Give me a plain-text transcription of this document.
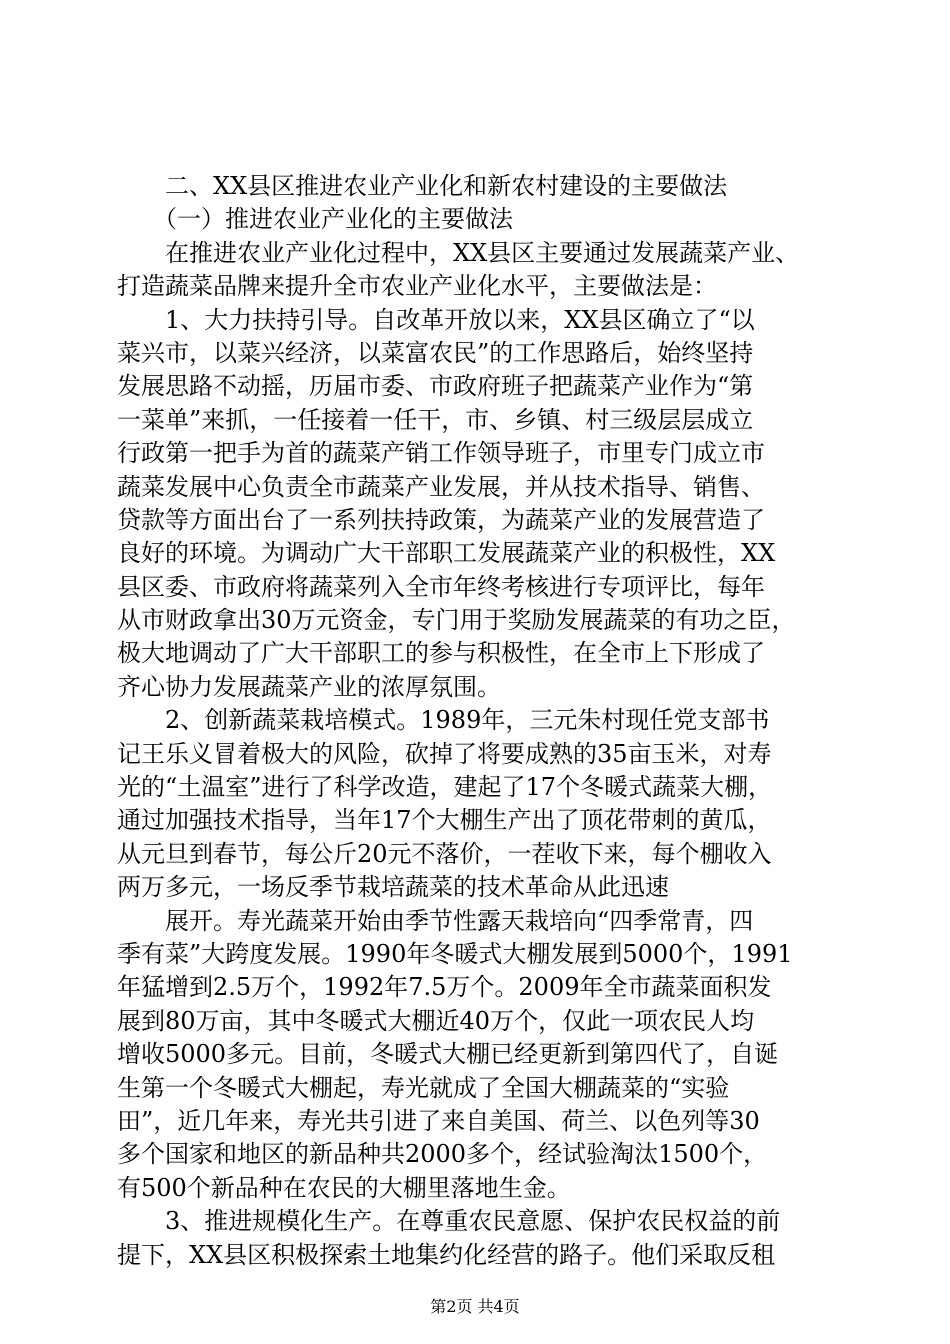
　　二、XX县区推进农业产业化和新农村建设的主要做法
　　（一）推进农业产业化的主要做法
　　在推进农业产业化过程中，XX县区主要通过发展蔬菜产业、
打造蔬菜品牌来提升全市农业产业化水平，主要做法是：
　　1、大力扶持引导。自改革开放以来，XX县区确立了“以
菜兴市，以菜兴经济，以菜富农民”的工作思路后，始终坚持
发展思路不动摇，历届市委、市政府班子把蔬菜产业作为“第
一菜单”来抓，一任接着一任干，市、乡镇、村三级层层成立
行政第一把手为首的蔬菜产销工作领导班子，市里专门成立市
蔬菜发展中心负责全市蔬菜产业发展，并从技术指导、销售、
贷款等方面出台了一系列扶持政策，为蔬菜产业的发展营造了
良好的环境。为调动广大干部职工发展蔬菜产业的积极性，XX
县区委、市政府将蔬菜列入全市年终考核进行专项评比，每年
从市财政拿出30万元资金，专门用于奖励发展蔬菜的有功之臣，
极大地调动了广大干部职工的参与积极性，在全市上下形成了
齐心协力发展蔬菜产业的浓厚氛围。
　　2、创新蔬菜栽培模式。1989年，三元朱村现任党支部书
记王乐义冒着极大的风险，砍掉了将要成熟的35亩玉米，对寿
光的“土温室”进行了科学改造，建起了17个冬暖式蔬菜大棚，
通过加强技术指导，当年17个大棚生产出了顶花带刺的黄瓜，
从元旦到春节，每公斤20元不落价，一茬收下来，每个棚收入
两万多元，一场反季节栽培蔬菜的技术革命从此迅速
　　展开。寿光蔬菜开始由季节性露天栽培向“四季常青，四
季有菜”大跨度发展。1990年冬暖式大棚发展到5000个，1991
年猛增到2.5万个，1992年7.5万个。2009年全市蔬菜面积发
展到80万亩，其中冬暖式大棚近40万个，仅此一项农民人均
增收5000多元。目前，冬暖式大棚已经更新到第四代了，自诞
生第一个冬暖式大棚起，寿光就成了全国大棚蔬菜的“实验
田”，近几年来，寿光共引进了来自美国、荷兰、以色列等30
多个国家和地区的新品种共2000多个，经试验淘汰1500个，
有500个新品种在农民的大棚里落地生金。
　　3、推进规模化生产。在尊重农民意愿、保护农民权益的前
提下，XX县区积极探索土地集约化经营的路子。他们采取反租
第2页 共4页
